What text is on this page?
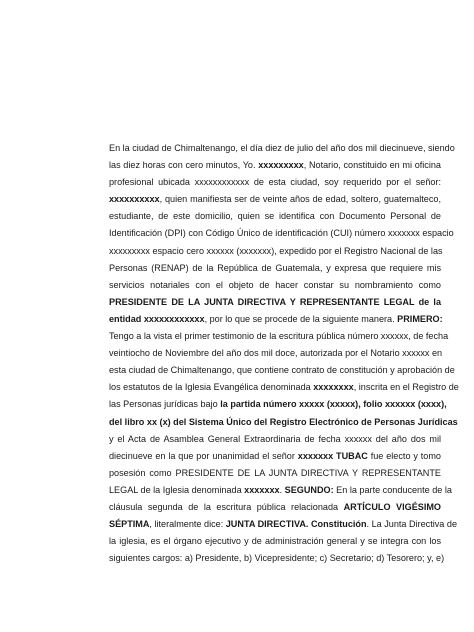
En la ciudad de Chimaltenango, el día diez de julio del año dos mil diecinueve, siendo
las diez horas con cero minutos, Yo. xxxxxxxxx, Notario, constituido en mi oficina
profesional ubicada xxxxxxxxxxxx de esta ciudad, soy requerido por el señor:
xxxxxxxxxx, quien manifiesta ser de veinte años de edad, soltero, guatemalteco,
estudiante, de este domicilio, quien se identifica con Documento Personal de
Identificación (DPI) con Código Único de identificación (CUI) número xxxxxxx espacio
xxxxxxxxx espacio cero xxxxxx (xxxxxxx), expedido por el Registro Nacional de las
Personas (RENAP) de la República de Guatemala, y expresa que requiere mis
servicios notariales con el objeto de hacer constar su nombramiento como
PRESIDENTE DE LA JUNTA DIRECTIVA Y REPRESENTANTE LEGAL de la
entidad xxxxxxxxxxxx, por lo que se procede de la siguiente manera. PRIMERO:
Tengo a la vista el primer testimonio de la escritura pública número xxxxxx, de fecha
veintiocho de Noviembre del año dos mil doce, autorizada por el Notario xxxxxx en
esta ciudad de Chimaltenango, que contiene contrato de constitución y aprobación de
los estatutos de la Iglesia Evangélica denominada xxxxxxxx, inscrita en el Registro de
las Personas jurídicas bajo la partida número xxxxx (xxxxx), folio xxxxxx (xxxx),
del libro xx (x) del Sistema Único del Registro Electrónico de Personas Jurídicas
y el Acta de Asamblea General Extraordinaria de fecha xxxxxx del año dos mil
diecinueve en la que por unanimidad el señor xxxxxxx TUBAC fue electo y tomo
posesión como PRESIDENTE DE LA JUNTA DIRECTIVA Y REPRESENTANTE
LEGAL de la Iglesia denominada xxxxxxx. SEGUNDO: En la parte conducente de la
cláusula segunda de la escritura pública relacionada ARTÍCULO VIGÉSIMO
SÉPTIMA, literalmente dice: JUNTA DIRECTIVA. Constitución. La Junta Directiva de
la iglesia, es el órgano ejecutivo y de administración general y se integra con los
siguientes cargos: a) Presidente, b) Vicepresidente; c) Secretario; d) Tesorero; y, e)
